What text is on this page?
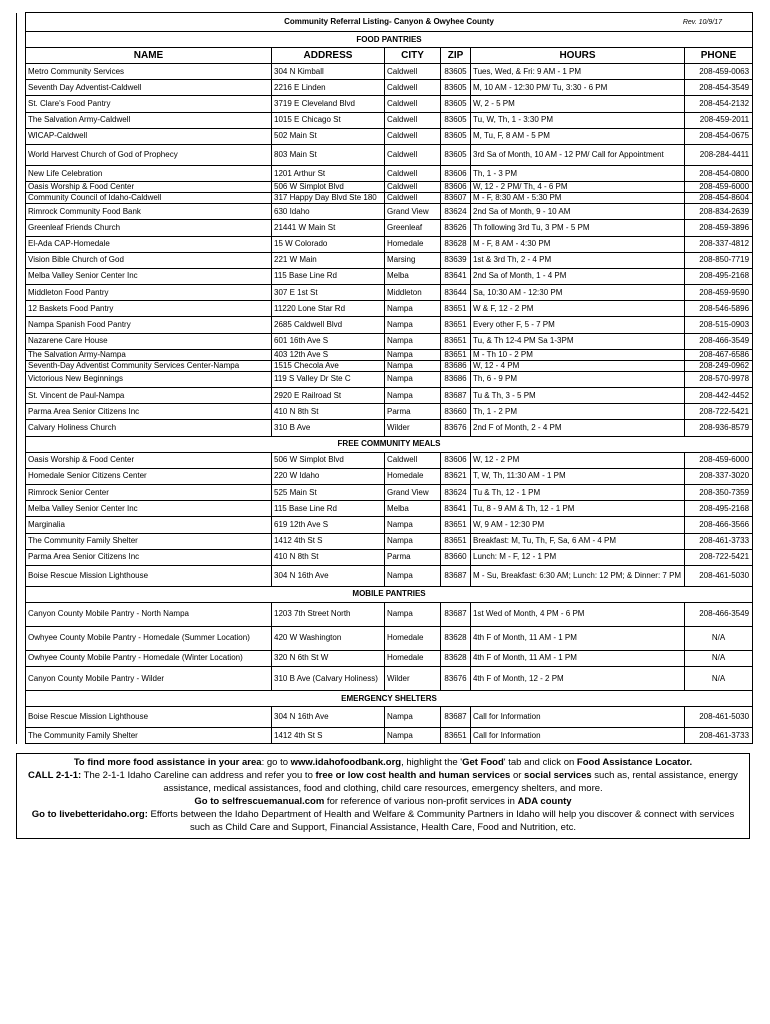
	Community Referral Listing- Canyon & Owyhee County Rev. 10/9/17					

	FOOD PANTRIES					
	NAME	ADDRESS	CITY	ZIP	HOURS	PHONE
	Metro Community Services	304 N Kimball	Caldwell	83605	Tues, Wed, & Fri: 9 AM - 1 PM	208-459-0063
	Seventh Day Adventist-Caldwell	2216 E Linden	Caldwell	83605	M, 10 AM - 12:30 PM/ Tu, 3:30 - 6 PM	208-454-3549
	St. Clare's Food Pantry	3719 E Cleveland Blvd	Caldwell	83605	W, 2 - 5 PM	208-454-2132
	The Salvation Army-Caldwell	1015 E Chicago St	Caldwell	83605	Tu, W, Th, 1 - 3:30 PM	208-459-2011
	WICAP-Caldwell	502 Main St	Caldwell	83605	M, Tu, F, 8 AM - 5 PM	208-454-0675
	World Harvest Church of God of Prophecy	803 Main St	Caldwell	83605	3rd Sa of Month, 10 AM - 12 PM/ Call for Appointment	208-284-4411
	New Life Celebration	1201 Arthur St	Caldwell	83606	Th, 1 - 3 PM	208-454-0800
	Oasis Worship & Food Center	506 W Simplot Blvd	Caldwell	83606	W, 12 - 2 PM/ Th, 4 - 6 PM	208-459-6000
	Community Council of Idaho-Caldwell	317 Happy Day Blvd Ste 180	Caldwell	83607	M - F, 8:30 AM - 5:30 PM	208-454-8604
	Rimrock Community Food Bank	630 Idaho	Grand View	83624	2nd Sa of Month, 9 - 10 AM	208-834-2639
	Greenleaf Friends Church	21441 W Main St	Greenleaf	83626	Th following 3rd Tu, 3 PM - 5 PM	208-459-3896
	El-Ada CAP-Homedale	15 W Colorado	Homedale	83628	M - F, 8 AM - 4:30 PM	208-337-4812
	Vision Bible Church of God	221 W Main	Marsing	83639	1st & 3rd Th, 2 - 4 PM	208-850-7719
	Melba Valley Senior Center Inc	115 Base Line Rd	Melba	83641	2nd Sa of Month, 1 - 4 PM	208-495-2168
	Middleton Food Pantry	307 E 1st St	Middleton	83644	Sa, 10:30 AM - 12:30 PM	208-459-9590
	12 Baskets Food Pantry	11220 Lone Star Rd	Nampa	83651	W & F, 12 - 2 PM	208-546-5896
	Nampa Spanish Food Pantry	2685 Caldwell Blvd	Nampa	83651	Every other F, 5 - 7 PM	208-515-0903
	Nazarene Care House	601 16th Ave S	Nampa	83651	Tu, & Th 12-4 PM Sa 1-3PM	208-466-3549
	The Salvation Army-Nampa	403 12th Ave S	Nampa	83651	M - Th 10 - 2 PM	208-467-6586
	Seventh-Day Adventist Community Services Center-Nampa	1515 Checola Ave	Nampa	83686	W, 12 - 4 PM	208-249-0962
	Victorious New Beginnings	119 S Valley Dr Ste C	Nampa	83686	Th, 6 - 9 PM	208-570-9978
	St. Vincent de Paul-Nampa	2920 E Railroad St	Nampa	83687	Tu & Th, 3 - 5 PM	208-442-4452
	Parma Area Senior Citizens Inc	410 N 8th St	Parma	83660	Th, 1 - 2 PM	208-722-5421
	Calvary Holiness Church	310 B Ave	Wilder	83676	2nd F of Month, 2 - 4 PM	208-936-8579
	FREE COMMUNITY MEALS					
	Oasis Worship & Food Center	506 W Simplot Blvd	Caldwell	83606	W, 12 - 2 PM	208-459-6000
	Homedale Senior Citizens Center	220 W Idaho	Homedale	83621	T, W, Th, 11:30 AM - 1 PM	208-337-3020
	Rimrock Senior Center	525 Main St	Grand View	83624	Tu & Th, 12 - 1 PM	208-350-7359
	Melba Valley Senior Center Inc	115 Base Line Rd	Melba	83641	Tu, 8 - 9 AM & Th, 12 - 1 PM	208-495-2168
	Marginalia	619 12th Ave S	Nampa	83651	W, 9 AM - 12:30 PM	208-466-3566
	The Community Family Shelter	1412 4th St S	Nampa	83651	Breakfast: M, Tu, Th, F, Sa, 6 AM - 4 PM	208-461-3733
	Parma Area Senior Citizens Inc	410 N 8th St	Parma	83660	Lunch: M - F, 12 - 1 PM	208-722-5421
	Boise Rescue Mission Lighthouse	304 N 16th Ave	Nampa	83687	M - Su, Breakfast: 6:30 AM; Lunch: 12 PM; & Dinner: 7 PM	208-461-5030
	MOBILE PANTRIES					
	Canyon County Mobile Pantry - North Nampa	1203 7th Street North	Nampa	83687	1st Wed of Month, 4 PM - 6 PM	208-466-3549
	Owhyee County Mobile Pantry - Homedale (Summer Location)	420 W Washington	Homedale	83628	4th F of Month, 11 AM - 1 PM	N/A
	Owhyee County Mobile Pantry - Homedale (Winter Location)	320 N 6th St W	Homedale	83628	4th F of Month, 11 AM - 1 PM	N/A
	Canyon County Mobile Pantry - Wilder	310 B Ave (Calvary Holiness)	Wilder	83676	4th F of Month, 12 - 2 PM	N/A
	EMERGENCY SHELTERS					
	Boise Rescue Mission Lighthouse	304 N 16th Ave	Nampa	83687	Call for Information	208-461-5030
	The Community Family Shelter	1412 4th St S	Nampa	83651	Call for Information	208-461-3733
To find more food assistance in your area: go to www.idahofoodbank.org, highlight the 'Get Food' tab and click on Food Assistance Locator.
CALL 2-1-1: The 2-1-1 Idaho Careline can address and refer you to free or low cost health and human services or social services such as, rental assistance, energy assistance, medical assistances, food and clothing, child care resources, emergency shelters, and more.
Go to selfrescuemanual.com for reference of various non-profit services in ADA county
Go to livebetteridaho.org: Efforts between the Idaho Department of Health and Welfare & Community Partners in Idaho will help you discover & connect with services such as Child Care and Support, Financial Assistance, Health Care, Food and Nutrition, etc.
